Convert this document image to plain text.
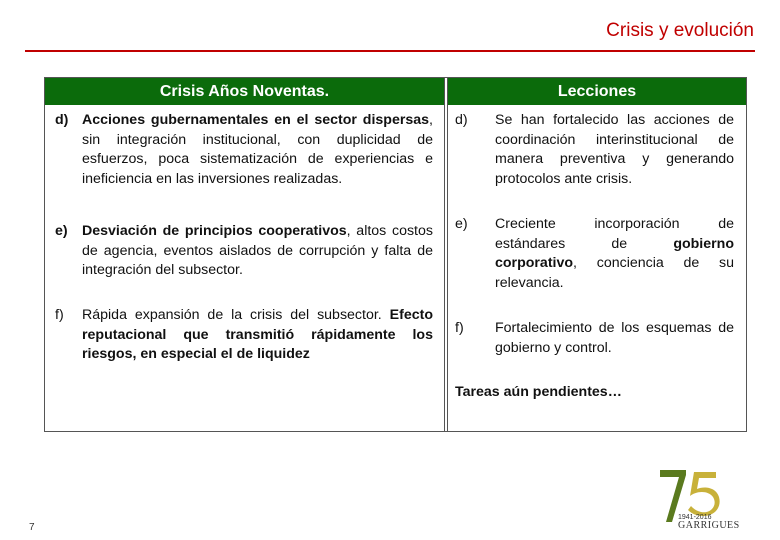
Crisis y evolución
Crisis Años Noventas.	Lecciones
d) Acciones gubernamentales en el sector dispersas, sin integración institucional, con duplicidad de esfuerzos, poca sistematización de experiencias e ineficiencia en las inversiones realizadas.
e) Desviación de principios cooperativos, altos costos de agencia, eventos aislados de corrupción y falta de integración del subsector.
f) Rápida expansión de la crisis del subsector. Efecto reputacional que transmitió rápidamente los riesgos, en especial el de liquidez
d) Se han fortalecido las acciones de coordinación interinstitucional de manera preventiva y generando protocolos ante crisis.
e) Creciente incorporación de estándares de gobierno corporativo, conciencia de su relevancia.
f) Fortalecimiento de los esquemas de gobierno y control.
Tareas aún pendientes…
7
1941-2016
GARRIGUES
